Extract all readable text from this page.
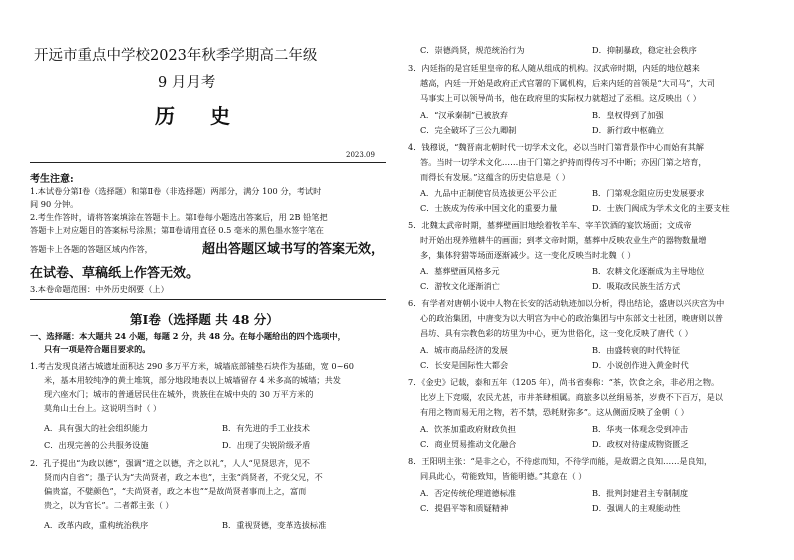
开远市重点中学校2023年秋季学期高二年级
9 月月考
历 史
2023.09
考生注意:
1.本试卷分第Ⅰ卷（选择题）和第Ⅱ卷（非选择题）两部分，满分 100 分，考试时
间 90 分钟。
2.考生作答时，请将答案填涂在答题卡上。第Ⅰ卷每小题选出答案后，用 2B 铅笔把
答题卡上对应题目的答案标号涂黑；第Ⅱ卷请用直径 0.5 毫米的黑色墨水签字笔在
答题卡上各题的答题区域内作答，	超出答题区域书写的答案无效，
在试卷、草稿纸上作答无效。
3.本卷命题范围：中外历史纲要（上）
第Ⅰ卷（选择题 共 48 分）
一、选择题：本大题共 24 小题，每题 2 分，共 48 分。在每小题给出的四个选项中，
只有一项是符合题目要求的。
1.考古发现良渚古城遗址面积达 290 多万平方米，城墙底部铺垫石块作为基础，宽 0~60
米，基本用较纯净的黄土堆筑，部分地段地表以上城墙留存 4 米多高的城墙；共发
现六座水门；城市的普通居民住在城外，贵族住在城中央的 30 万平方米的
莫角山土台上。这说明当时（ ）
A．具有强大的社会组织能力	B．有先进的手工业技术
C．出现完善的公共服务设施	D．出现了尖锐阶级矛盾
2．孔子提出“为政以德”，强调“道之以德，齐之以礼”，人人“见贤思齐，见不
贤而内自省”；墨子认为“夫尚贤者，政之本也”，主张“尚贤者，不党父兄，不
偏贵富，不嬖颜色”，“夫尚贤者，政之本也”“是故尚贤者事而上之，富而
贵之，以为官长”。二者都主张（ ）
A．改革内政，重构统治秩序	B．重视贤德，变革选拔标准
C．崇德尚贤，规范统治行为	D．抑制暴政，稳定社会秩序
3．内廷指的是宫廷里皇帝的私人随从组成的机构。汉武帝时期，内廷的地位越来
越高，内廷一开始是政府正式官署的下属机构，后来内廷的首领是“大司马”，大司
马事实上可以领导尚书，他在政府里的实际权力就超过了丞相。这反映出（ ）
A．“汉承秦制”已被放弃	B．皇权得到了加强
C．完全破坏了三公九卿制	D．新行政中枢确立
4．钱穆说，“魏晋南北朝时代一切学术文化，必以当时门第背景作中心而始有其解
答。当时一切学术文化……由于门第之护持而得传习不中断；亦因门第之培育，
而得长有发展。”这蕴含的历史信息是（ ）
A．九品中正制使官员选拔更公平公正	B．门第观念阻应历史发展要求
C．士族成为传承中国文化的重要力量	D．士族门阀成为学术文化的主要支柱
5．北魏太武帝时期，墓葬壁画旧地绘着牧羊车、宰羊饮酒的宴饮场面；文成帝
时开始出现养殖耕牛的画面；到孝文帝时期，墓葬中反映农业生产的器物数量增
多，集体狩猎等场面逐渐减少。这一变化反映当时北魏（ ）
A．墓葬壁画风格多元	B．农耕文化逐渐成为主导地位
C．游牧文化逐渐消亡	D．吸取改民族生活方式
6．有学者对唐朝小说中人物在长安的活动轨迹加以分析，得出结论，盛唐以兴庆宫为中
心的政治集团，中唐变为以大明宫为中心的政治集团与中东部文士社团，晚唐则以普
昌坊、具有宗教色彩的坊里为中心，更为世俗化，这一变化反映了唐代（ ）
A．城市商品经济的发展	B．由盛转衰的时代特征
C．长安是国际性大都会	D．小说创作进入黄金时代
7．《金史》记载，泰和五年（1205 年），尚书省奏称：“茶，饮食之余，非必用之物。
比岁上下竞啜，农民尤甚，市井茶肆相属。商旅多以丝绢易茶，岁费不下百万，是以
有用之物而易无用之物，若不禁，恐耗财弥多”。这从侧面反映了金朝（ ）
A．饮茶加重政府财政负担	B．华夷一体观念受到冲击
C．商业贸易推动文化融合	D．政权对待虚成物资匮乏
8．王阳明主张：“是非之心，不待虑而知，不待学而能，是故谓之良知……是良知，
同具此心，苟能致知，皆能明德。”其意在（ ）
A．否定传统伦理道德标准	B．批判封建君主专制制度
C．提倡平等和质疑精神	D．强调人的主观能动性
